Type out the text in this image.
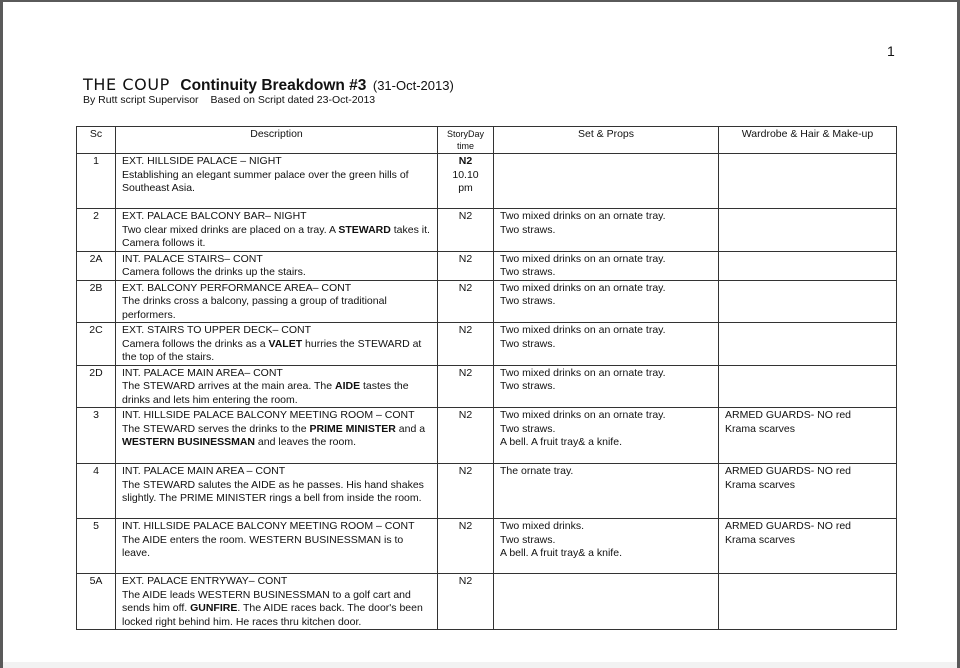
1
THE COUP Continuity Breakdown #3 (31-Oct-2013)
By Rutt script Supervisor Based on Script dated 23-Oct-2013
Sc	Description	StoryDay
time	Set & Props	Wardrobe & Hair & Make-up
1	EXT. HILLSIDE PALACE – NIGHT
Establishing an elegant summer palace over the green hills of Southeast Asia.	N2
10.10
pm		

2	EXT. PALACE BALCONY BAR– NIGHT
Two clear mixed drinks are placed on a tray. A STEWARD takes it. Camera follows it.	N2	Two mixed drinks on an ornate tray.
Two straws.	

2A	INT. PALACE STAIRS– CONT
Camera follows the drinks up the stairs.	N2	Two mixed drinks on an ornate tray.
Two straws.	

2B	EXT. BALCONY PERFORMANCE AREA– CONT
The drinks cross a balcony, passing a group of traditional performers.	N2	Two mixed drinks on an ornate tray.
Two straws.	

2C	EXT. STAIRS TO UPPER DECK– CONT
Camera follows the drinks as a VALET hurries the STEWARD at the top of the stairs.	N2	Two mixed drinks on an ornate tray.
Two straws.	

2D	INT. PALACE MAIN AREA– CONT
The STEWARD arrives at the main area. The AIDE tastes the drinks and lets him entering the room.	N2	Two mixed drinks on an ornate tray.
Two straws.	

3	INT. HILLSIDE PALACE BALCONY MEETING ROOM – CONT
The STEWARD serves the drinks to the PRIME MINISTER and a WESTERN BUSINESSMAN and leaves the room.	N2	Two mixed drinks on an ornate tray.
Two straws.
A bell. A fruit tray& a knife.	ARMED GUARDS- NO red
Krama scarves

4	INT. PALACE MAIN AREA – CONT
The STEWARD salutes the AIDE as he passes. His hand shakes slightly. The PRIME MINISTER rings a bell from inside the room.	N2	The ornate tray.	ARMED GUARDS- NO red
Krama scarves

5	INT. HILLSIDE PALACE BALCONY MEETING ROOM – CONT
The AIDE enters the room. WESTERN BUSINESSMAN is to leave.	N2	Two mixed drinks.
Two straws.
A bell. A fruit tray& a knife.	ARMED GUARDS- NO red
Krama scarves

5A	EXT. PALACE ENTRYWAY– CONT
The AIDE leads WESTERN BUSINESSMAN to a golf cart and sends him off. GUNFIRE. The AIDE races back. The door's been locked right behind him. He races thru kitchen door.	N2		
